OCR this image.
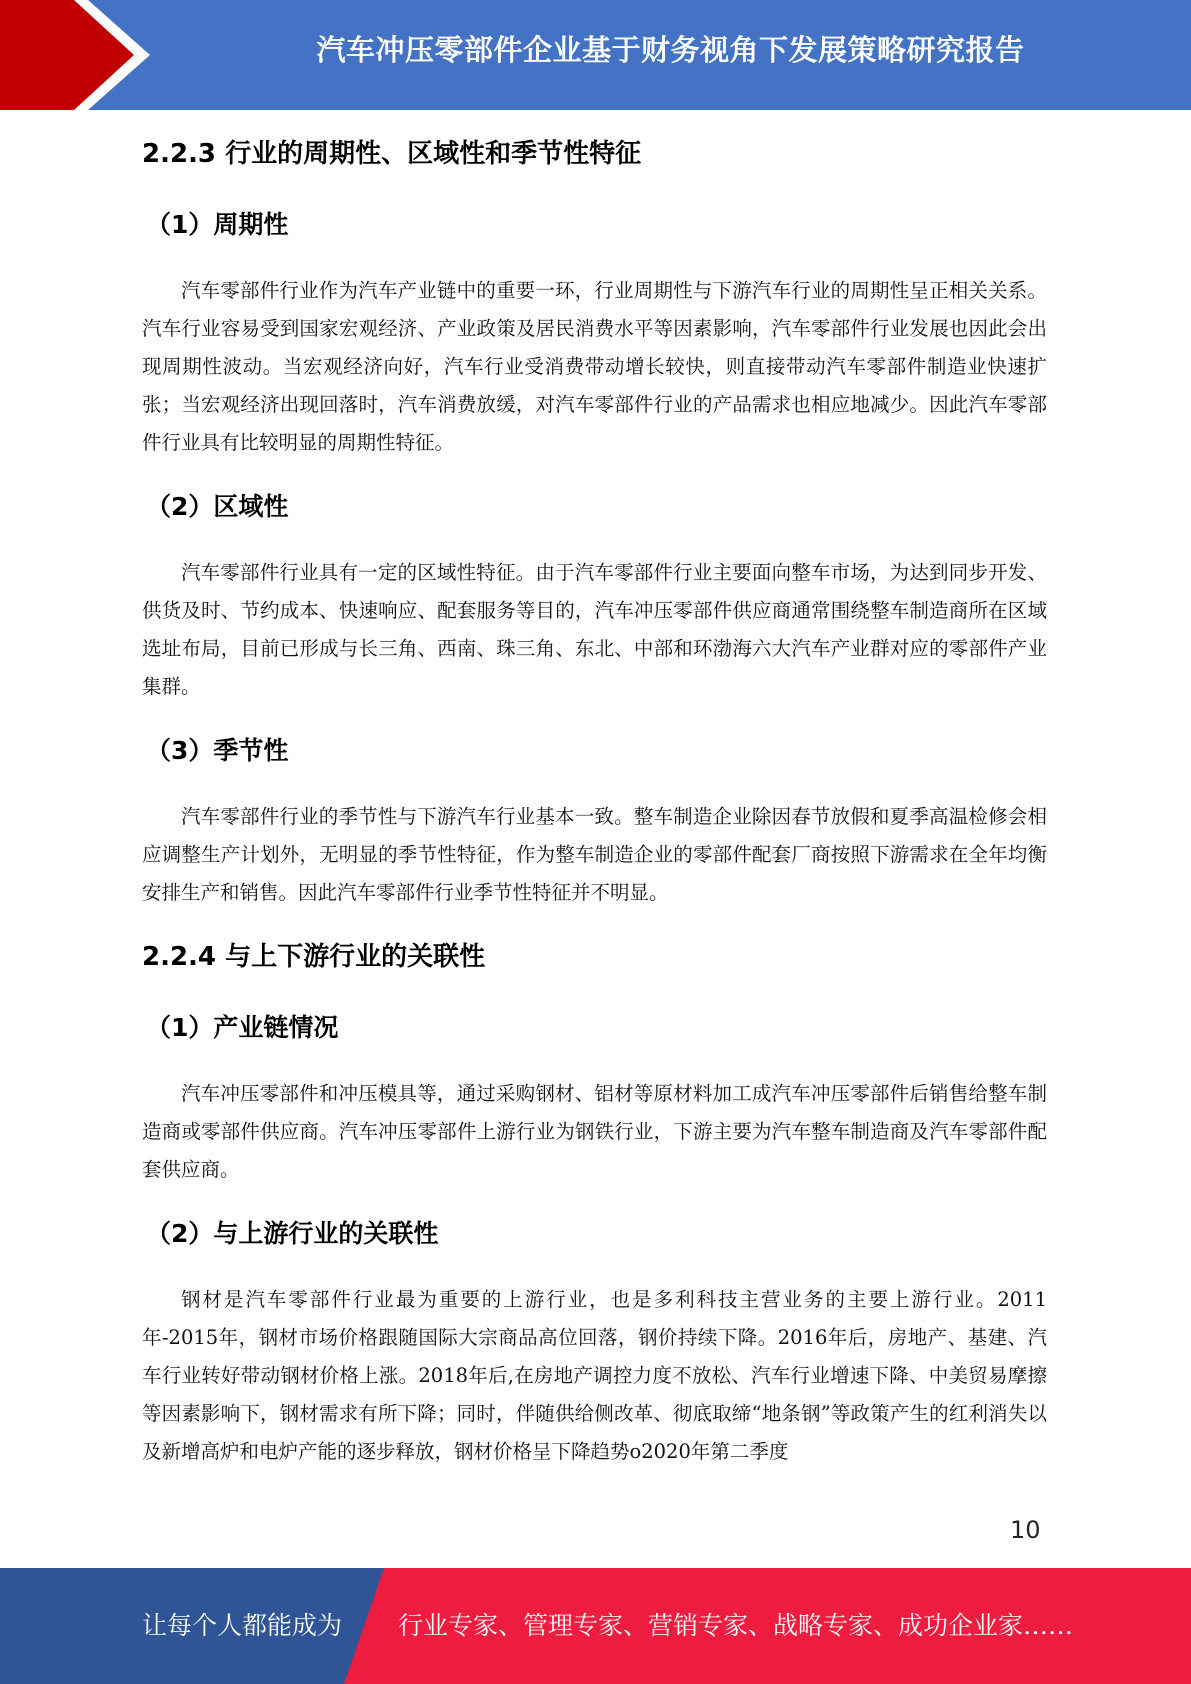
汽车冲压零部件企业基于财务视角下发展策略研究报告
2.2.3 行业的周期性、区域性和季节性特征
（1）周期性

汽车零部件行业作为汽车产业链中的重要一环，行业周期性与下游汽车行业的周期性呈正相关关系。汽车行业容易受到国家宏观经济、产业政策及居民消费水平等因素影响，汽车零部件行业发展也因此会出现周期性波动。当宏观经济向好，汽车行业受消费带动增长较快，则直接带动汽车零部件制造业快速扩张；当宏观经济出现回落时，汽车消费放缓，对汽车零部件行业的产品需求也相应地减少。因此汽车零部件行业具有比较明显的周期性特征。

（2）区域性

汽车零部件行业具有一定的区域性特征。由于汽车零部件行业主要面向整车市场，为达到同步开发、供货及时、节约成本、快速响应、配套服务等目的，汽车冲压零部件供应商通常围绕整车制造商所在区域选址布局，目前已形成与长三角、西南、珠三角、东北、中部和环渤海六大汽车产业群对应的零部件产业集群。

（3）季节性

汽车零部件行业的季节性与下游汽车行业基本一致。整车制造企业除因春节放假和夏季高温检修会相应调整生产计划外，无明显的季节性特征，作为整车制造企业的零部件配套厂商按照下游需求在全年均衡安排生产和销售。因此汽车零部件行业季节性特征并不明显。

2.2.4 与上下游行业的关联性
（1）产业链情况

汽车冲压零部件和冲压模具等，通过采购钢材、铝材等原材料加工成汽车冲压零部件后销售给整车制造商或零部件供应商。汽车冲压零部件上游行业为钢铁行业，下游主要为汽车整车制造商及汽车零部件配套供应商。

（2）与上游行业的关联性

钢材是汽车零部件行业最为重要的上游行业，也是多利科技主营业务的主要上游行业。2011年-2015年，钢材市场价格跟随国际大宗商品高位回落，钢价持续下降。2016年后，房地产、基建、汽车行业转好带动钢材价格上涨。2018年后,在房地产调控力度不放松、汽车行业增速下降、中美贸易摩擦等因素影响下，钢材需求有所下降；同时，伴随供给侧改革、彻底取缔“地条钢”等政策产生的红利消失以及新增高炉和电炉产能的逐步释放，钢材价格呈下降趋势o2020年第二季度

10
让每个人都能成为 行业专家、管理专家、营销专家、战略专家、成功企业家……
